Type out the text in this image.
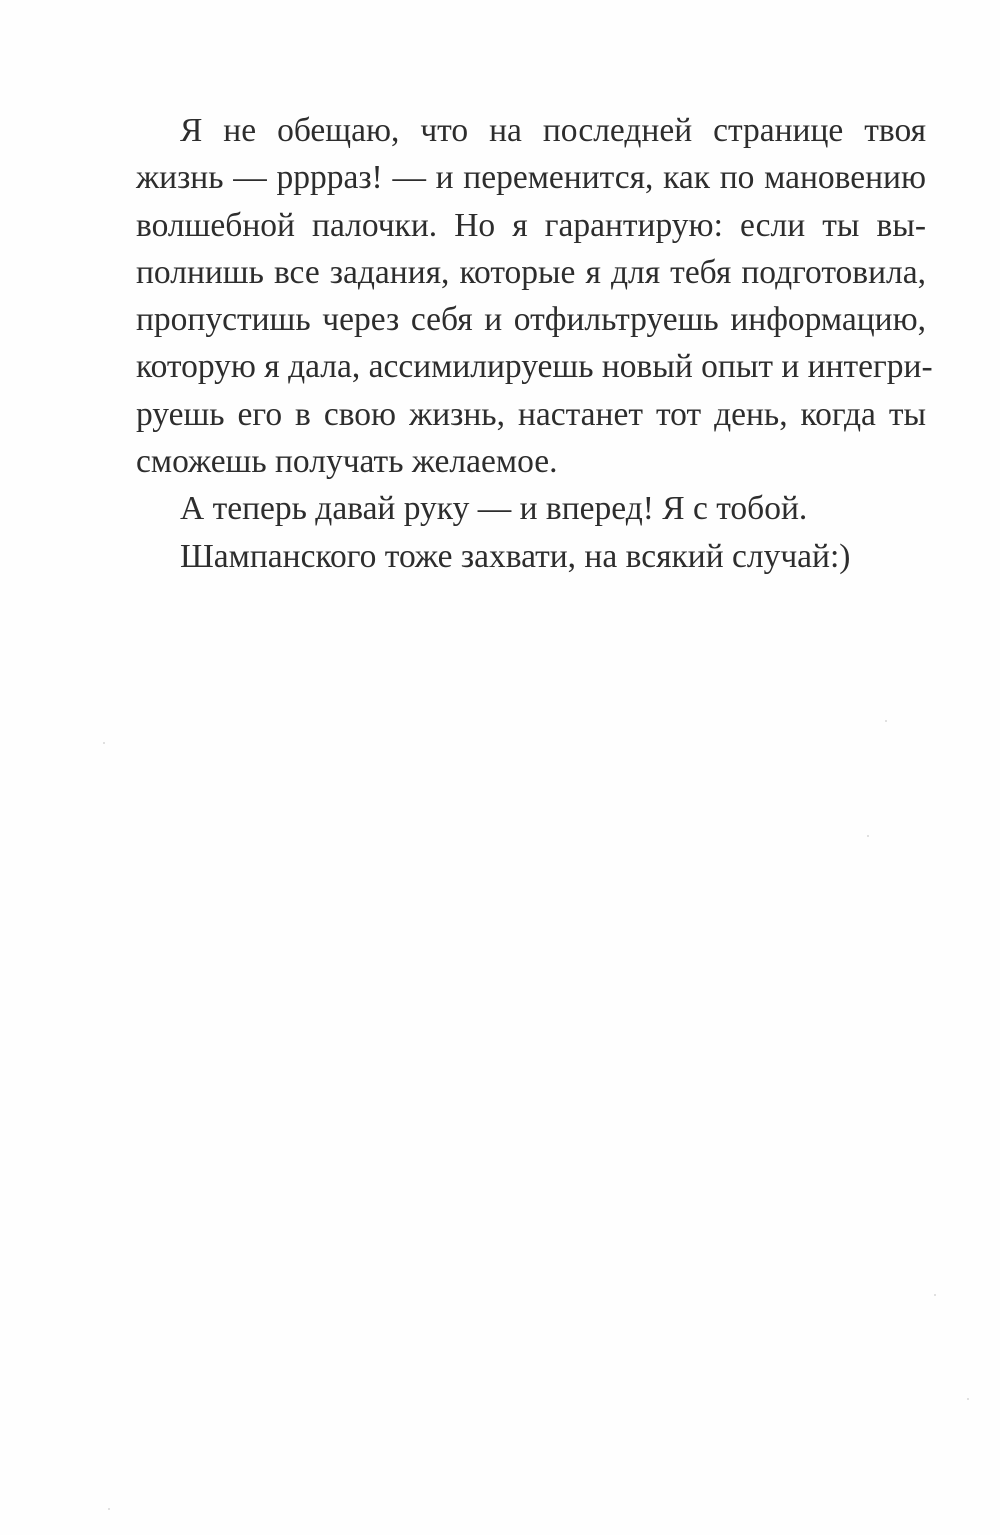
Я не обещаю, что на последней странице твоя
жизнь — рррраз! — и переменится, как по мановению
волшебной палочки. Но я гарантирую: если ты вы-
полнишь все задания, которые я для тебя подготовила,
пропустишь через себя и отфильтруешь информацию,
которую я дала, ассимилируешь новый опыт и интегри-
руешь его в свою жизнь, настанет тот день, когда ты
сможешь получать желаемое.
А теперь давай руку — и вперед! Я с тобой.
Шампанского тоже захвати, на всякий случай:)
